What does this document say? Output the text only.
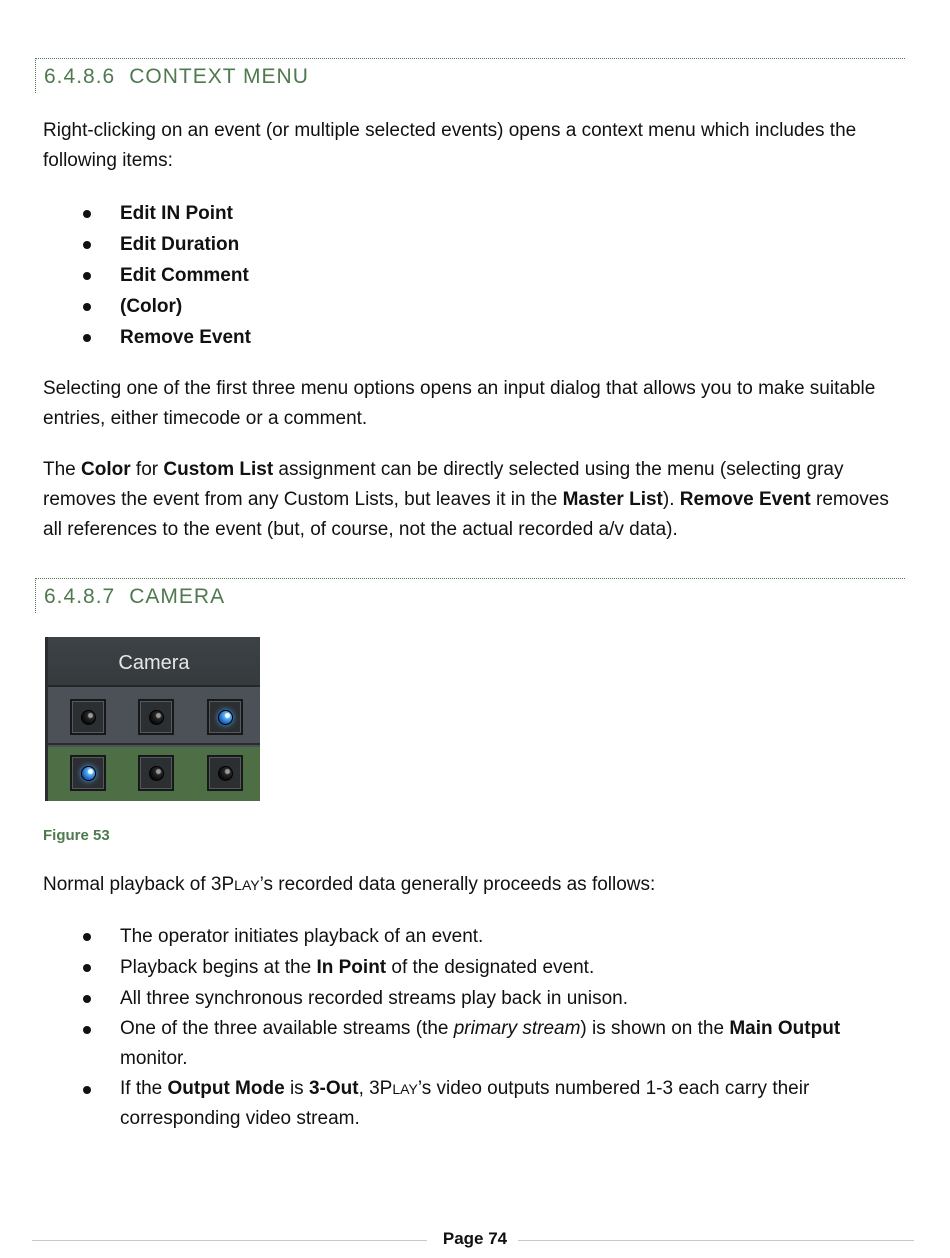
6.4.8.6 CONTEXT MENU

Right-clicking on an event (or multiple selected events) opens a context menu which includes the following items:

Edit IN Point
Edit Duration
Edit Comment
(Color)
Remove Event

Selecting one of the first three menu options opens an input dialog that allows you to make suitable entries, either timecode or a comment.

The Color for Custom List assignment can be directly selected using the menu (selecting gray removes the event from any Custom Lists, but leaves it in the Master List). Remove Event removes all references to the event (but, of course, not the actual recorded a/v data).

6.4.8.7 CAMERA
Camera
Figure 53

Normal playback of 3PLAY’s recorded data generally proceeds as follows:

The operator initiates playback of an event.
Playback begins at the In Point of the designated event.
All three synchronous recorded streams play back in unison.
One of the three available streams (the primary stream) is shown on the Main Output monitor.
If the Output Mode is 3-Out, 3PLAY’s video outputs numbered 1-3 each carry their corresponding video stream.
Page 74
